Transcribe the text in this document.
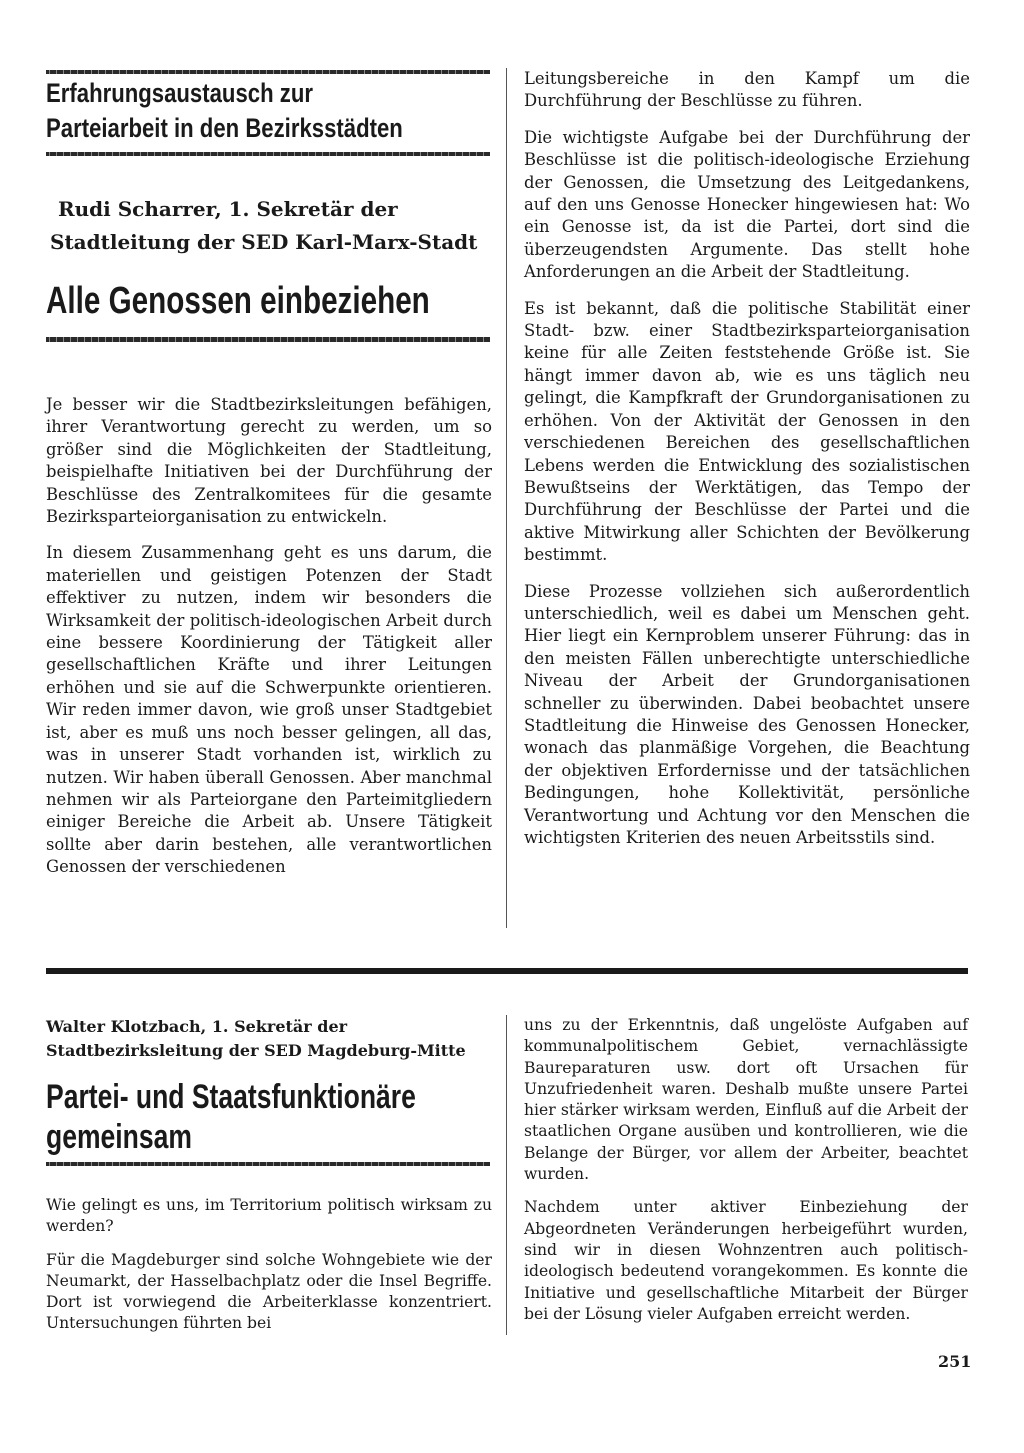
Erfahrungsaustausch zur
Parteiarbeit in den Bezirksstädten
Rudi Scharrer, 1. Sekretär der
Stadtleitung der SED Karl-Marx-Stadt
Alle Genossen einbeziehen

Je besser wir die Stadtbezirksleitungen befähigen, ihrer Verantwortung gerecht zu werden, um so größer sind die Möglichkeiten der Stadtleitung, beispielhafte Initiativen bei der Durchführung der Beschlüsse des Zentralkomitees für die gesamte Bezirksparteiorganisation zu entwickeln.

In diesem Zusammenhang geht es uns darum, die materiellen und geistigen Potenzen der Stadt effektiver zu nutzen, indem wir besonders die Wirksamkeit der politisch-ideologischen Arbeit durch eine bessere Koordinierung der Tätigkeit aller gesellschaftlichen Kräfte und ihrer Leitungen erhöhen und sie auf die Schwerpunkte orientieren. Wir reden immer davon, wie groß unser Stadtgebiet ist, aber es muß uns noch besser gelingen, all das, was in unserer Stadt vorhanden ist, wirklich zu nutzen. Wir haben überall Genossen. Aber manchmal nehmen wir als Parteiorgane den Parteimitgliedern einiger Bereiche die Arbeit ab. Unsere Tätigkeit sollte aber darin bestehen, alle verantwortlichen Genossen der verschiedenen

Leitungsbereiche in den Kampf um die Durchführung der Beschlüsse zu führen.

Die wichtigste Aufgabe bei der Durchführung der Beschlüsse ist die politisch-ideologische Erziehung der Genossen, die Umsetzung des Leitgedankens, auf den uns Genosse Honecker hingewiesen hat: Wo ein Genosse ist, da ist die Partei, dort sind die überzeugendsten Argumente. Das stellt hohe Anforderungen an die Arbeit der Stadtleitung.

Es ist bekannt, daß die politische Stabilität einer Stadt- bzw. einer Stadtbezirksparteiorganisation keine für alle Zeiten feststehende Größe ist. Sie hängt immer davon ab, wie es uns täglich neu gelingt, die Kampfkraft der Grundorganisationen zu erhöhen. Von der Aktivität der Genossen in den verschiedenen Bereichen des gesellschaftlichen Lebens werden die Entwicklung des sozialistischen Bewußtseins der Werktätigen, das Tempo der Durchführung der Beschlüsse der Partei und die aktive Mitwirkung aller Schichten der Bevölkerung bestimmt.

Diese Prozesse vollziehen sich außerordentlich unterschiedlich, weil es dabei um Menschen geht. Hier liegt ein Kernproblem unserer Führung: das in den meisten Fällen unberechtigte unterschiedliche Niveau der Arbeit der Grundorganisationen schneller zu überwinden. Dabei beobachtet unsere Stadtleitung die Hinweise des Genossen Honecker, wonach das planmäßige Vorgehen, die Beachtung der objektiven Erfordernisse und der tatsächlichen Bedingungen, hohe Kollektivität, persönliche Verantwortung und Achtung vor den Menschen die wichtigsten Kriterien des neuen Arbeitsstils sind.

Walter Klotzbach, 1. Sekretär der
Stadtbezirksleitung der SED Magdeburg-Mitte
Partei- und Staatsfunktionäre
gemeinsam

Wie gelingt es uns, im Territorium politisch wirksam zu werden?

Für die Magdeburger sind solche Wohngebiete wie der Neumarkt, der Hasselbachplatz oder die Insel Begriffe. Dort ist vorwiegend die Arbeiterklasse konzentriert. Untersuchungen führten bei

uns zu der Erkenntnis, daß ungelöste Aufgaben auf kommunalpolitischem Gebiet, vernachlässigte Baureparaturen usw. dort oft Ursachen für Unzufriedenheit waren. Deshalb mußte unsere Partei hier stärker wirksam werden, Einfluß auf die Arbeit der staatlichen Organe ausüben und kontrollieren, wie die Belange der Bürger, vor allem der Arbeiter, beachtet wurden.

Nachdem unter aktiver Einbeziehung der Abgeordneten Veränderungen herbeigeführt wurden, sind wir in diesen Wohnzentren auch politisch-ideologisch bedeutend vorangekommen. Es konnte die Initiative und gesellschaftliche Mitarbeit der Bürger bei der Lösung vieler Aufgaben erreicht werden.

251
